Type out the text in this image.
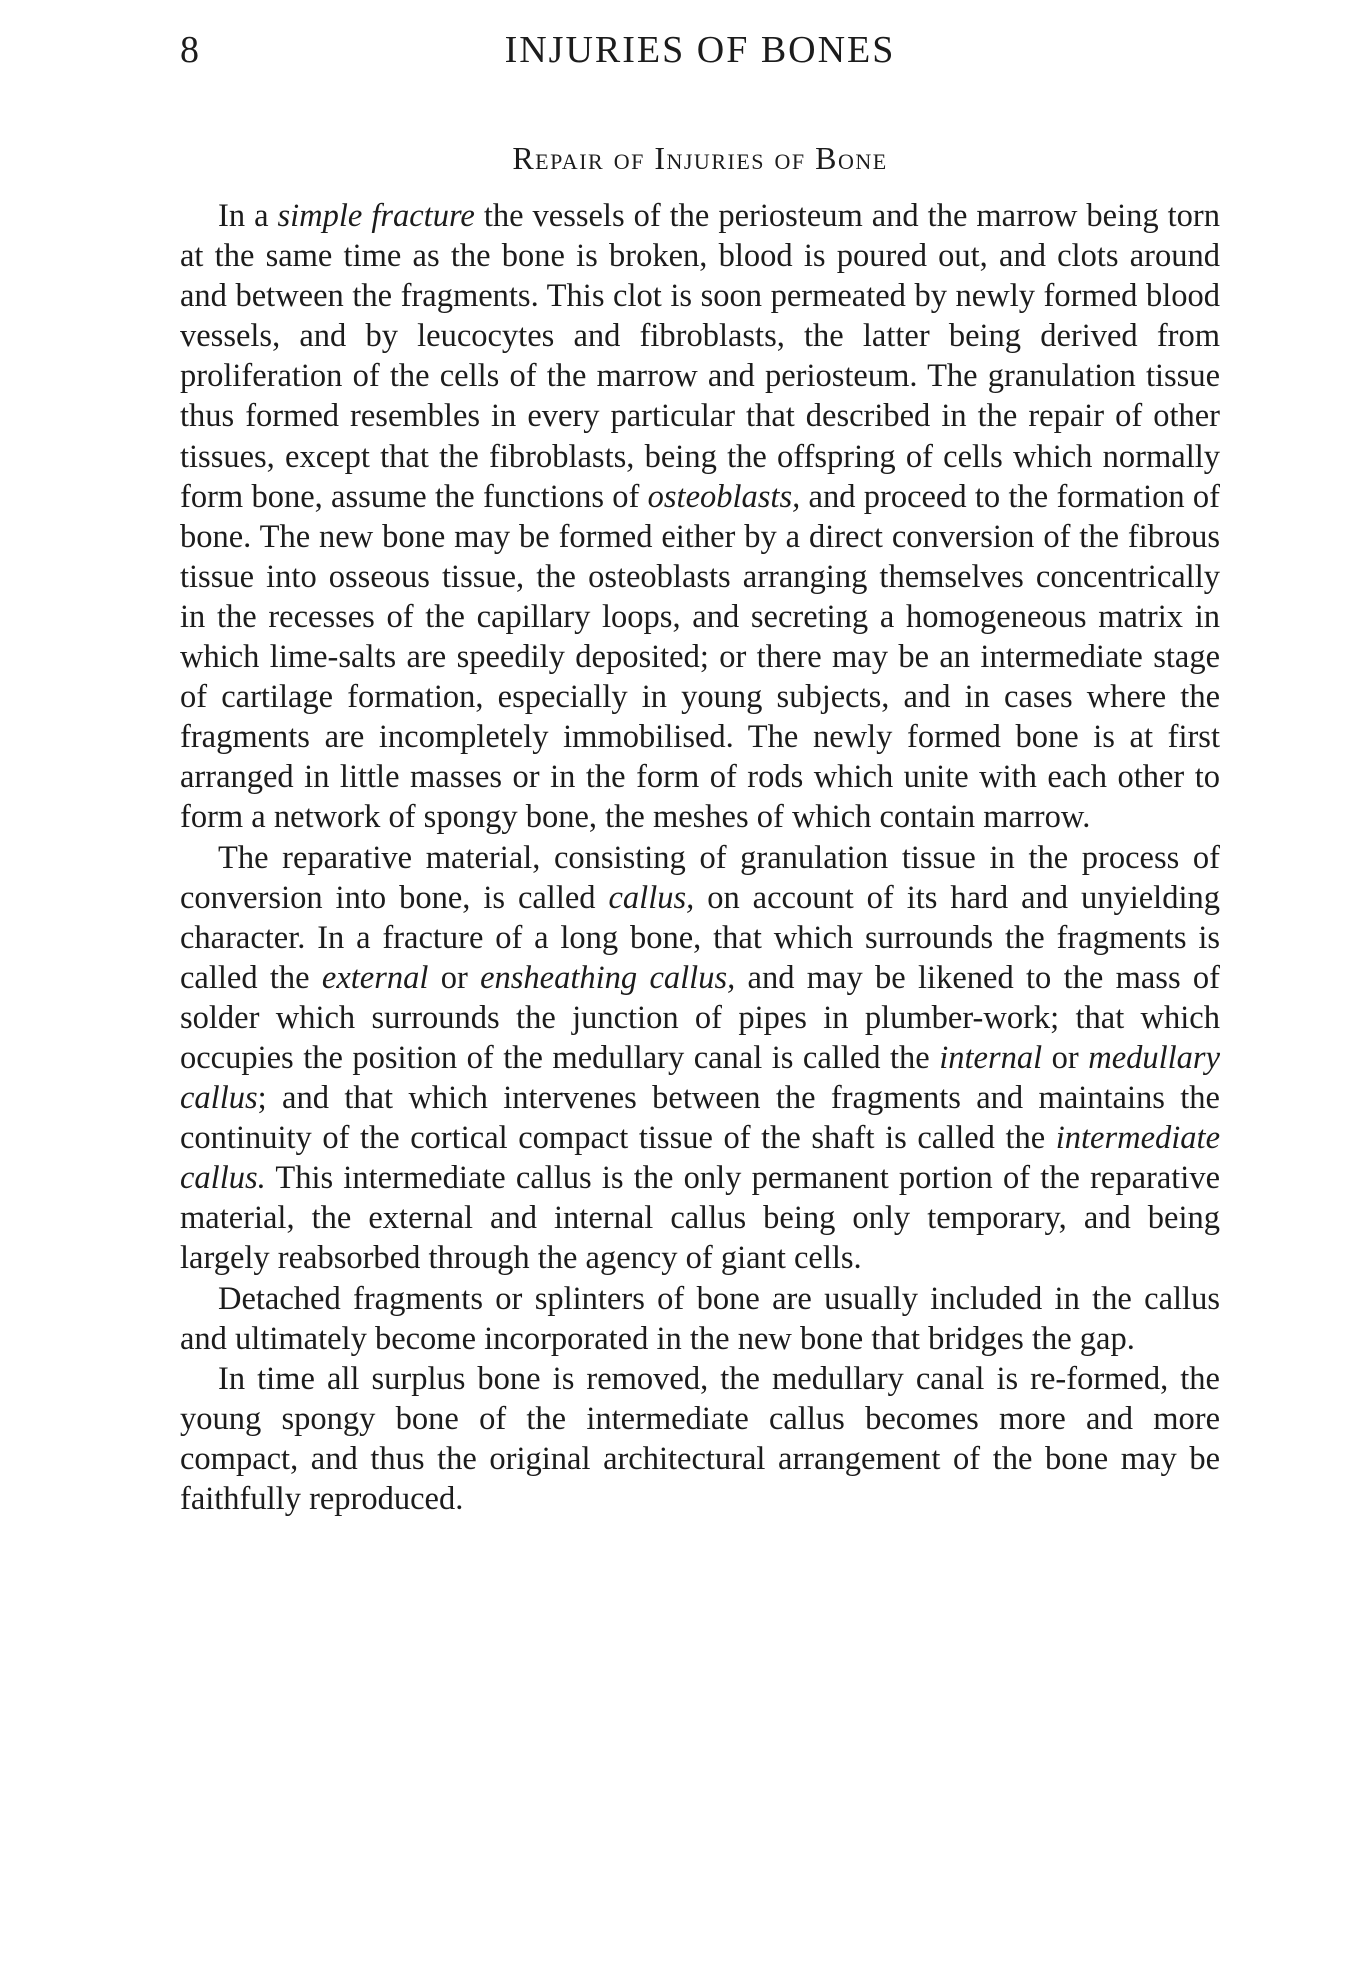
8	INJURIES OF BONES
Repair of Injuries of Bone

In a simple fracture the vessels of the periosteum and the marrow being torn at the same time as the bone is broken, blood is poured out, and clots around and between the fragments. This clot is soon permeated by newly formed blood vessels, and by leucocytes and fibroblasts, the latter being derived from proliferation of the cells of the marrow and periosteum. The granulation tissue thus formed resembles in every particular that described in the repair of other tissues, except that the fibroblasts, being the offspring of cells which normally form bone, assume the functions of osteoblasts, and proceed to the formation of bone. The new bone may be formed either by a direct conversion of the fibrous tissue into osseous tissue, the osteoblasts arranging themselves concentrically in the recesses of the capillary loops, and secreting a homogeneous matrix in which lime-salts are speedily deposited; or there may be an intermediate stage of cartilage formation, especially in young subjects, and in cases where the fragments are incompletely immobilised. The newly formed bone is at first arranged in little masses or in the form of rods which unite with each other to form a network of spongy bone, the meshes of which contain marrow.

The reparative material, consisting of granulation tissue in the process of conversion into bone, is called callus, on account of its hard and unyielding character. In a fracture of a long bone, that which surrounds the fragments is called the external or ensheathing callus, and may be likened to the mass of solder which surrounds the junction of pipes in plumber-work; that which occupies the position of the medullary canal is called the internal or medullary callus; and that which intervenes between the fragments and maintains the continuity of the cortical compact tissue of the shaft is called the intermediate callus. This intermediate callus is the only permanent portion of the reparative material, the external and internal callus being only temporary, and being largely reabsorbed through the agency of giant cells.

Detached fragments or splinters of bone are usually included in the callus and ultimately become incorporated in the new bone that bridges the gap.

In time all surplus bone is removed, the medullary canal is re-formed, the young spongy bone of the intermediate callus becomes more and more compact, and thus the original architectural arrangement of the bone may be faithfully reproduced.
